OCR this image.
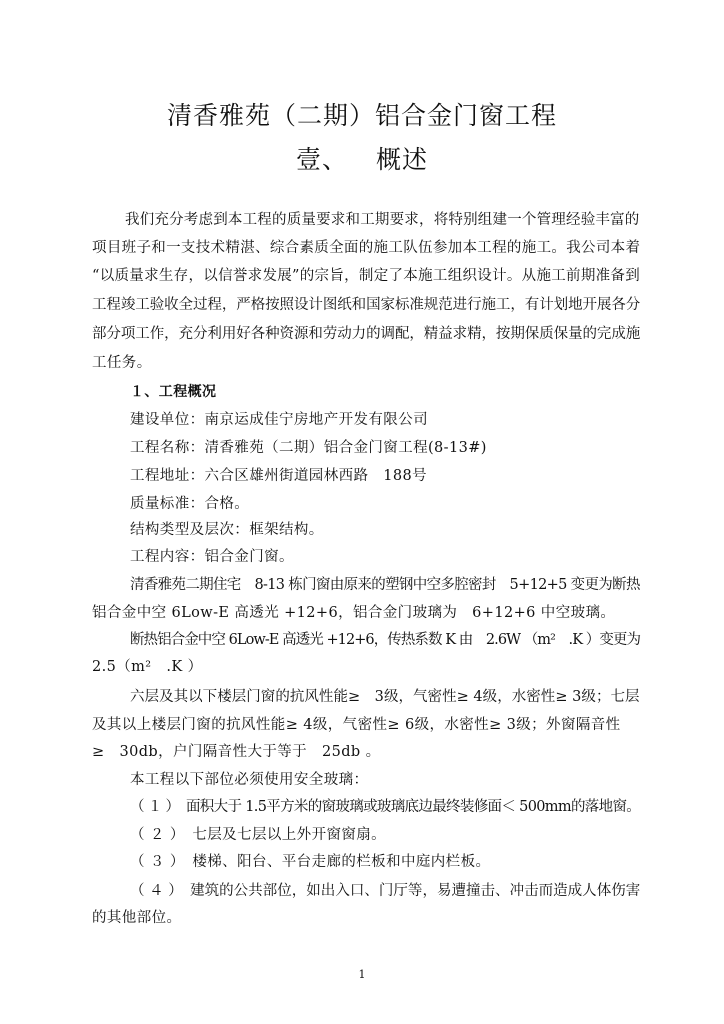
清香雅苑（二期）铝合金门窗工程
壹、 概述
我们充分考虑到本工程的质量要求和工期要求，将特别组建一个管理经验丰富的
项目班子和一支技术精湛、综合素质全面的施工队伍参加本工程的施工。我公司本着
“以质量求生存，以信誉求发展”的宗旨，制定了本施工组织设计。从施工前期准备到
工程竣工验收全过程，严格按照设计图纸和国家标准规范进行施工，有计划地开展各分
部分项工作，充分利用好各种资源和劳动力的调配，精益求精，按期保质保量的完成施
工任务。
１、工程概况
建设单位：南京运成佳宁房地产开发有限公司
工程名称：清香雅苑（二期）铝合金门窗工程(8-13#)
工程地址：六合区雄州街道园林西路　188号
质量标准：合格。
结构类型及层次：框架结构。
工程内容：铝合金门窗。
清香雅苑二期住宅　8-13 栋门窗由原来的塑钢中空多腔密封　5+12+5 变更为断热
铝合金中空 6Low-E 高透光 +12+6，铝合金门玻璃为　6+12+6 中空玻璃。
断热铝合金中空 6Low-E 高透光 +12+6，传热系数 K 由　2.6W （m²　.K ）变更为
2.5（m²　.K ）
六层及其以下楼层门窗的抗风性能≥　3级，气密性≥ 4级，水密性≥ 3级；七层
及其以上楼层门窗的抗风性能≥ 4级，气密性≥ 6级，水密性≥ 3级；外窗隔音性
≥　30db，户门隔音性大于等于　25db 。
本工程以下部位必须使用安全玻璃：
（ １ ）　面积大于 1.5平方米的窗玻璃或玻璃底边最终装修面＜ 500mm的落地窗。
（ ２ ）　七层及七层以上外开窗窗扇。
（ ３ ）　楼梯、阳台、平台走廊的栏板和中庭内栏板。
（ ４ ）　建筑的公共部位，如出入口、门厅等，易遭撞击、冲击而造成人体伤害
的其他部位。
1
